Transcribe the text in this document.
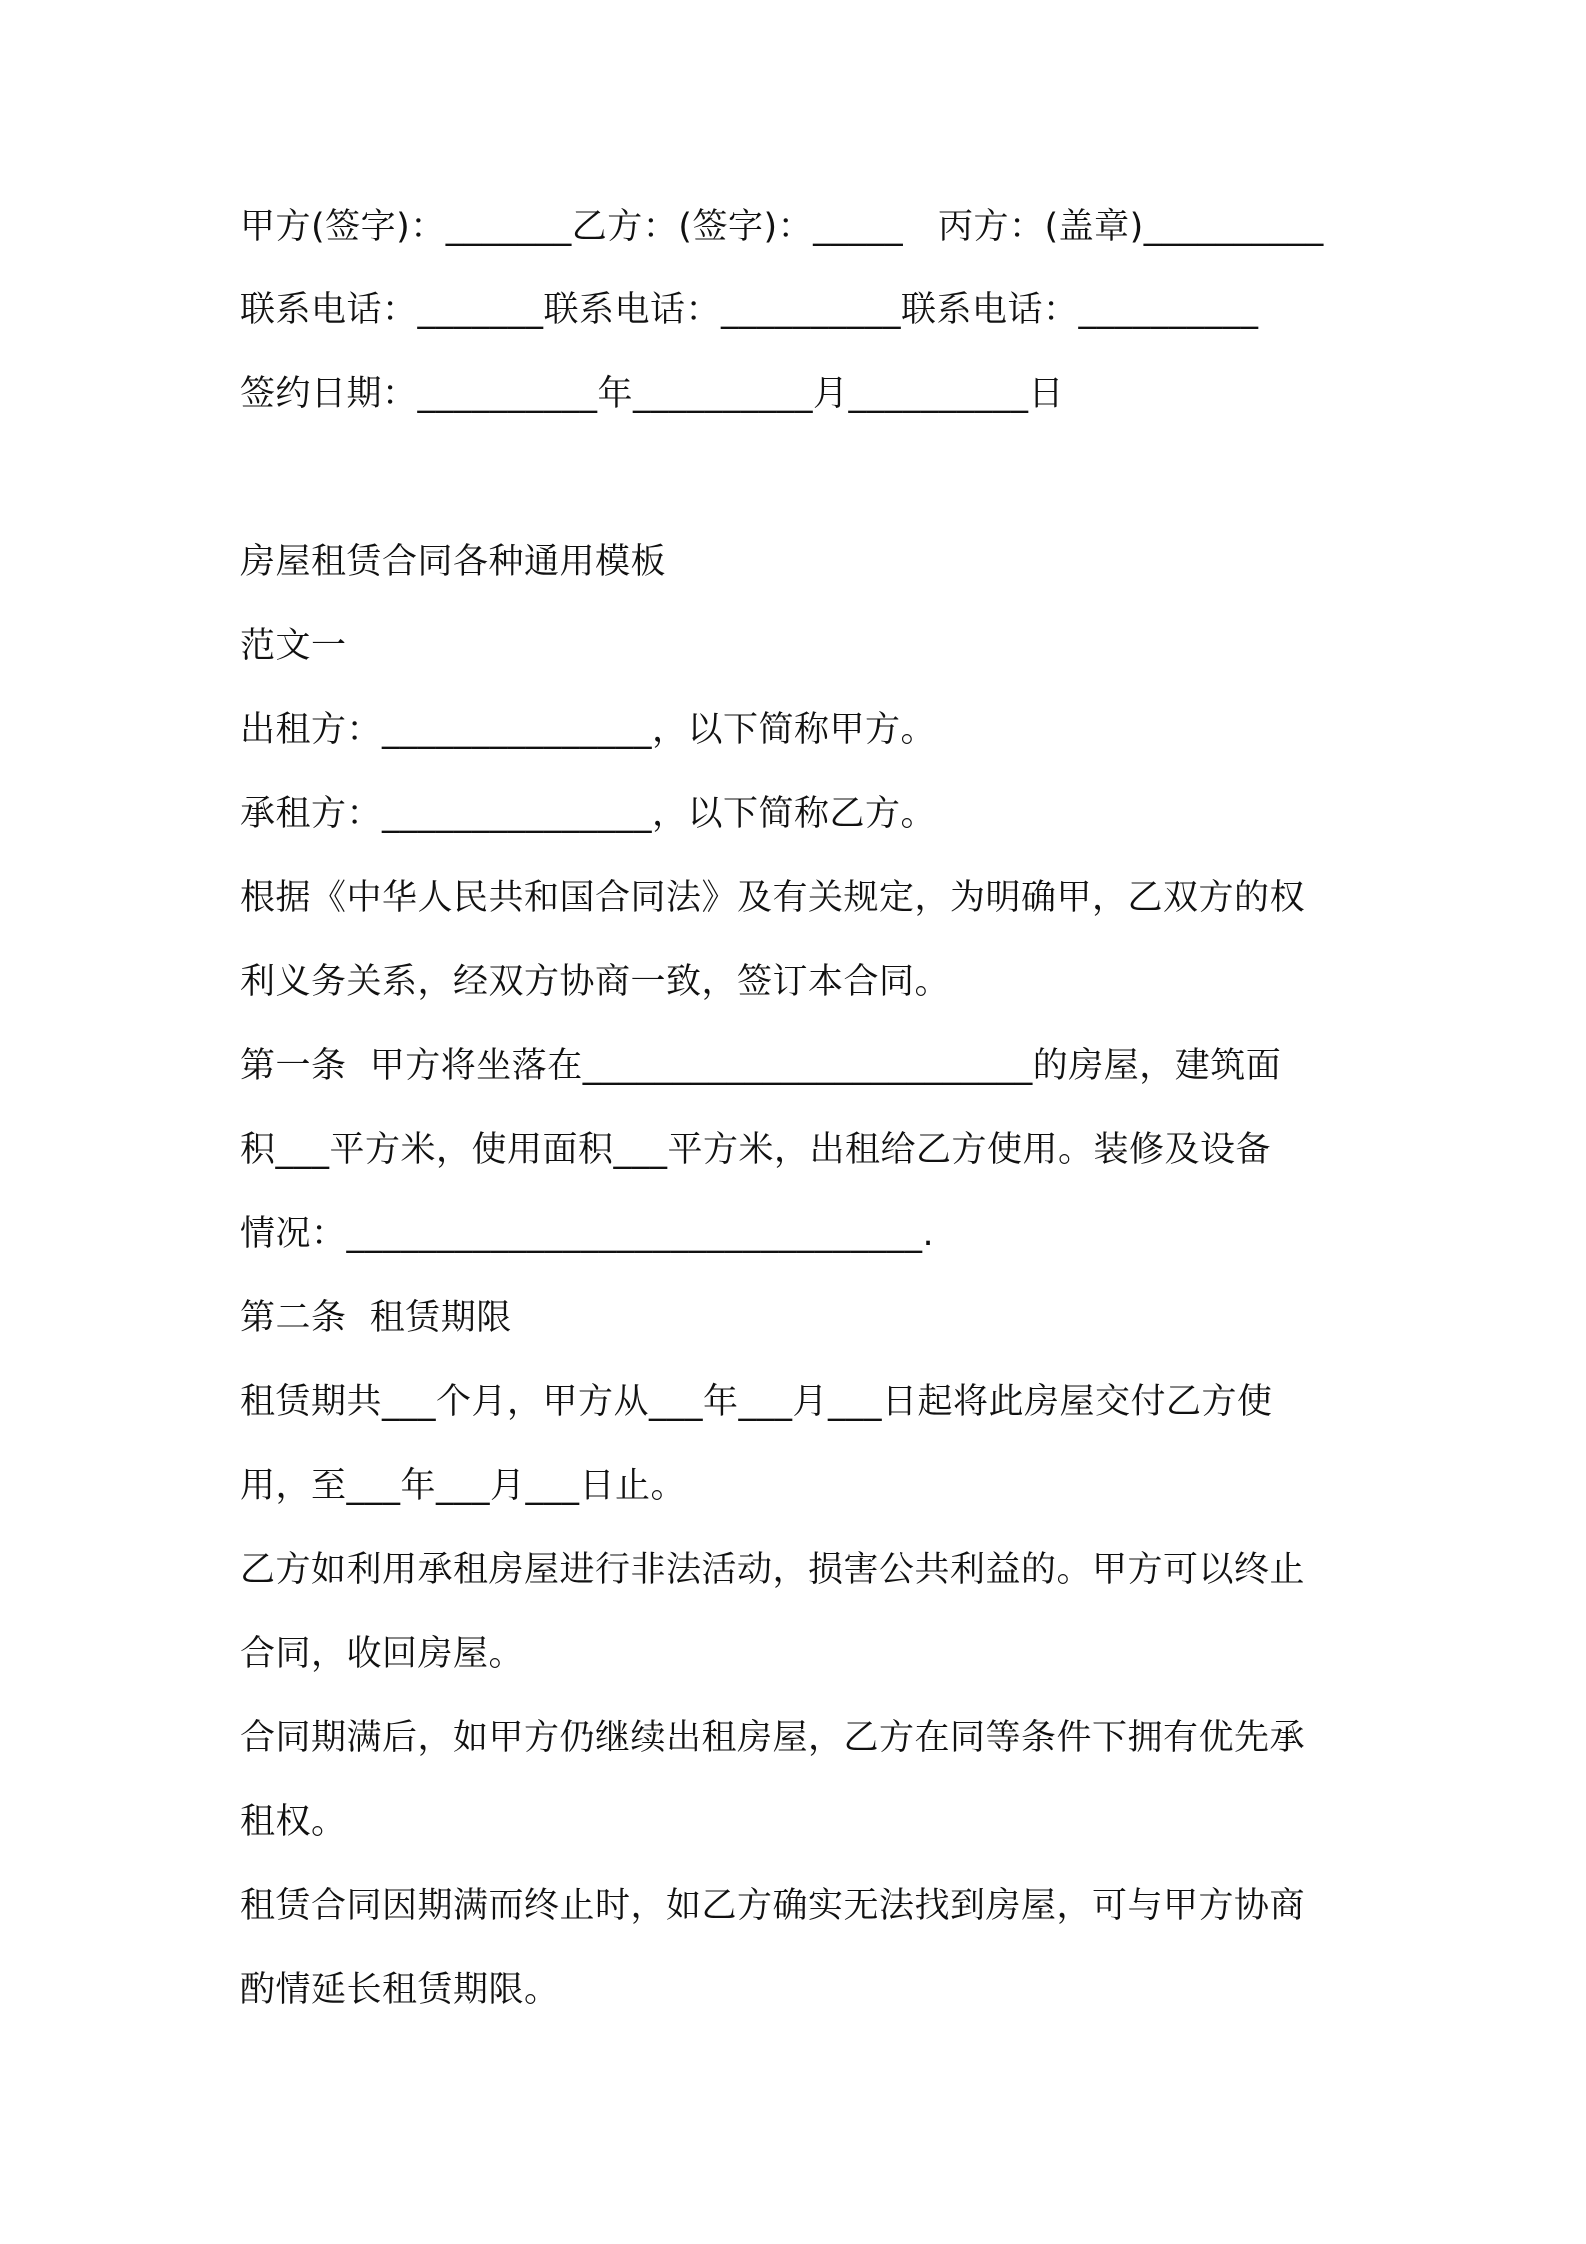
甲方(签字)：_______乙方：(签字)：_____   丙方：(盖章)__________
联系电话：_______联系电话：__________联系电话：__________
签约日期：__________年__________月__________日
房屋租赁合同各种通用模板
范文一
出租方：_______________，以下简称甲方。
承租方：_______________，以下简称乙方。
根据《中华人民共和国合同法》及有关规定，为明确甲，乙双方的权
利义务关系，经双方协商一致，签订本合同。
第一条  甲方将坐落在_________________________的房屋，建筑面
积___平方米，使用面积___平方米，出租给乙方使用。装修及设备
情况：________________________________.
第二条  租赁期限
租赁期共___个月，甲方从___年___月___日起将此房屋交付乙方使
用，至___年___月___日止。
乙方如利用承租房屋进行非法活动，损害公共利益的。甲方可以终止
合同，收回房屋。
合同期满后，如甲方仍继续出租房屋，乙方在同等条件下拥有优先承
租权。
租赁合同因期满而终止时，如乙方确实无法找到房屋，可与甲方协商
酌情延长租赁期限。
